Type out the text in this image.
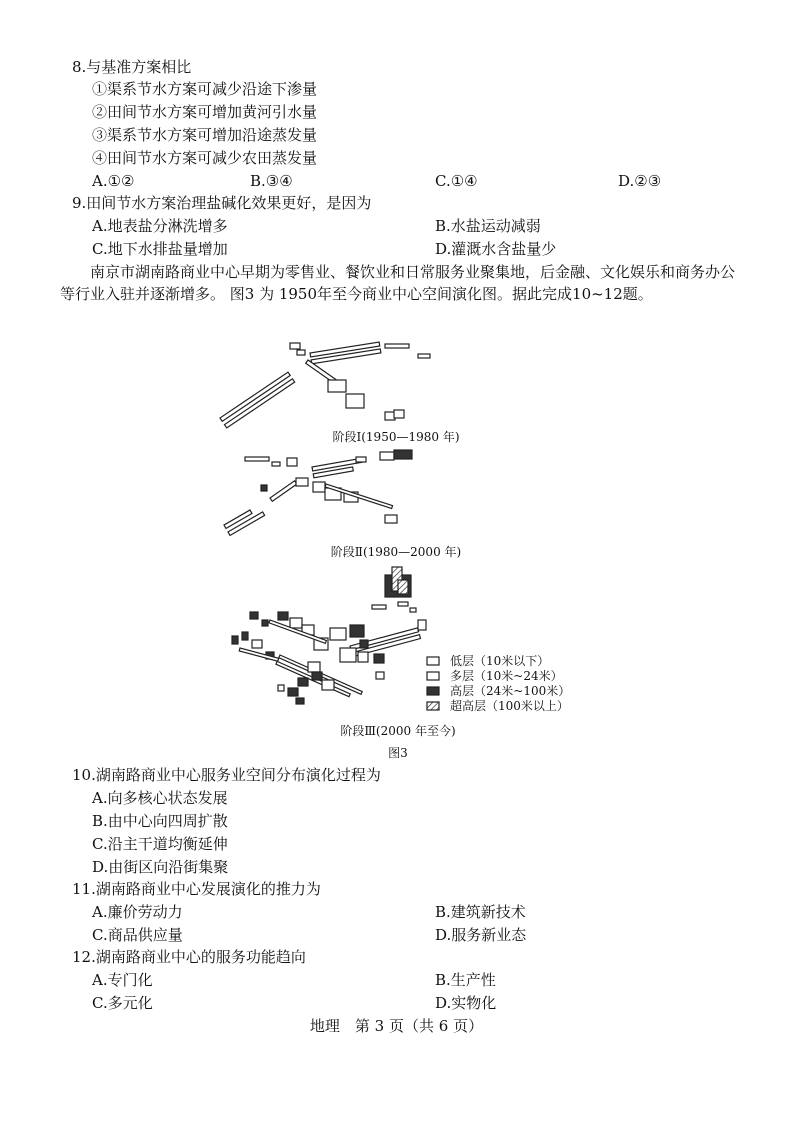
8.与基准方案相比
①渠系节水方案可减少沿途下渗量
②田间节水方案可增加黄河引水量
③渠系节水方案可增加沿途蒸发量
④田间节水方案可减少农田蒸发量
A.①②	B.③④	C.①④	D.②③
9.田间节水方案治理盐碱化效果更好，是因为
A.地表盐分淋洗增多	B.水盐运动减弱
C.地下水排盐量增加	D.灌溉水含盐量少
南京市湖南路商业中心早期为零售业、餐饮业和日常服务业聚集地，后金融、文化娱乐和商务办公等行业入驻并逐渐增多。 图3 为 1950年至今商业中心空间演化图。据此完成10~12题。
阶段Ⅰ(1950—1980 年)
阶段Ⅱ(1980—2000 年)
低层（10米以下）
多层（10米~24米）
高层（24米~100米）
超高层（100米以上）
阶段Ⅲ(2000 年至今)
图3
10.湖南路商业中心服务业空间分布演化过程为
A.向多核心状态发展
B.由中心向四周扩散
C.沿主干道均衡延伸
D.由街区向沿街集聚
11.湖南路商业中心发展演化的推力为
A.廉价劳动力	B.建筑新技术
C.商品供应量	D.服务新业态
12.湖南路商业中心的服务功能趋向
A.专门化	B.生产性
C.多元化	D.实物化
地理　第 3 页（共 6 页）
